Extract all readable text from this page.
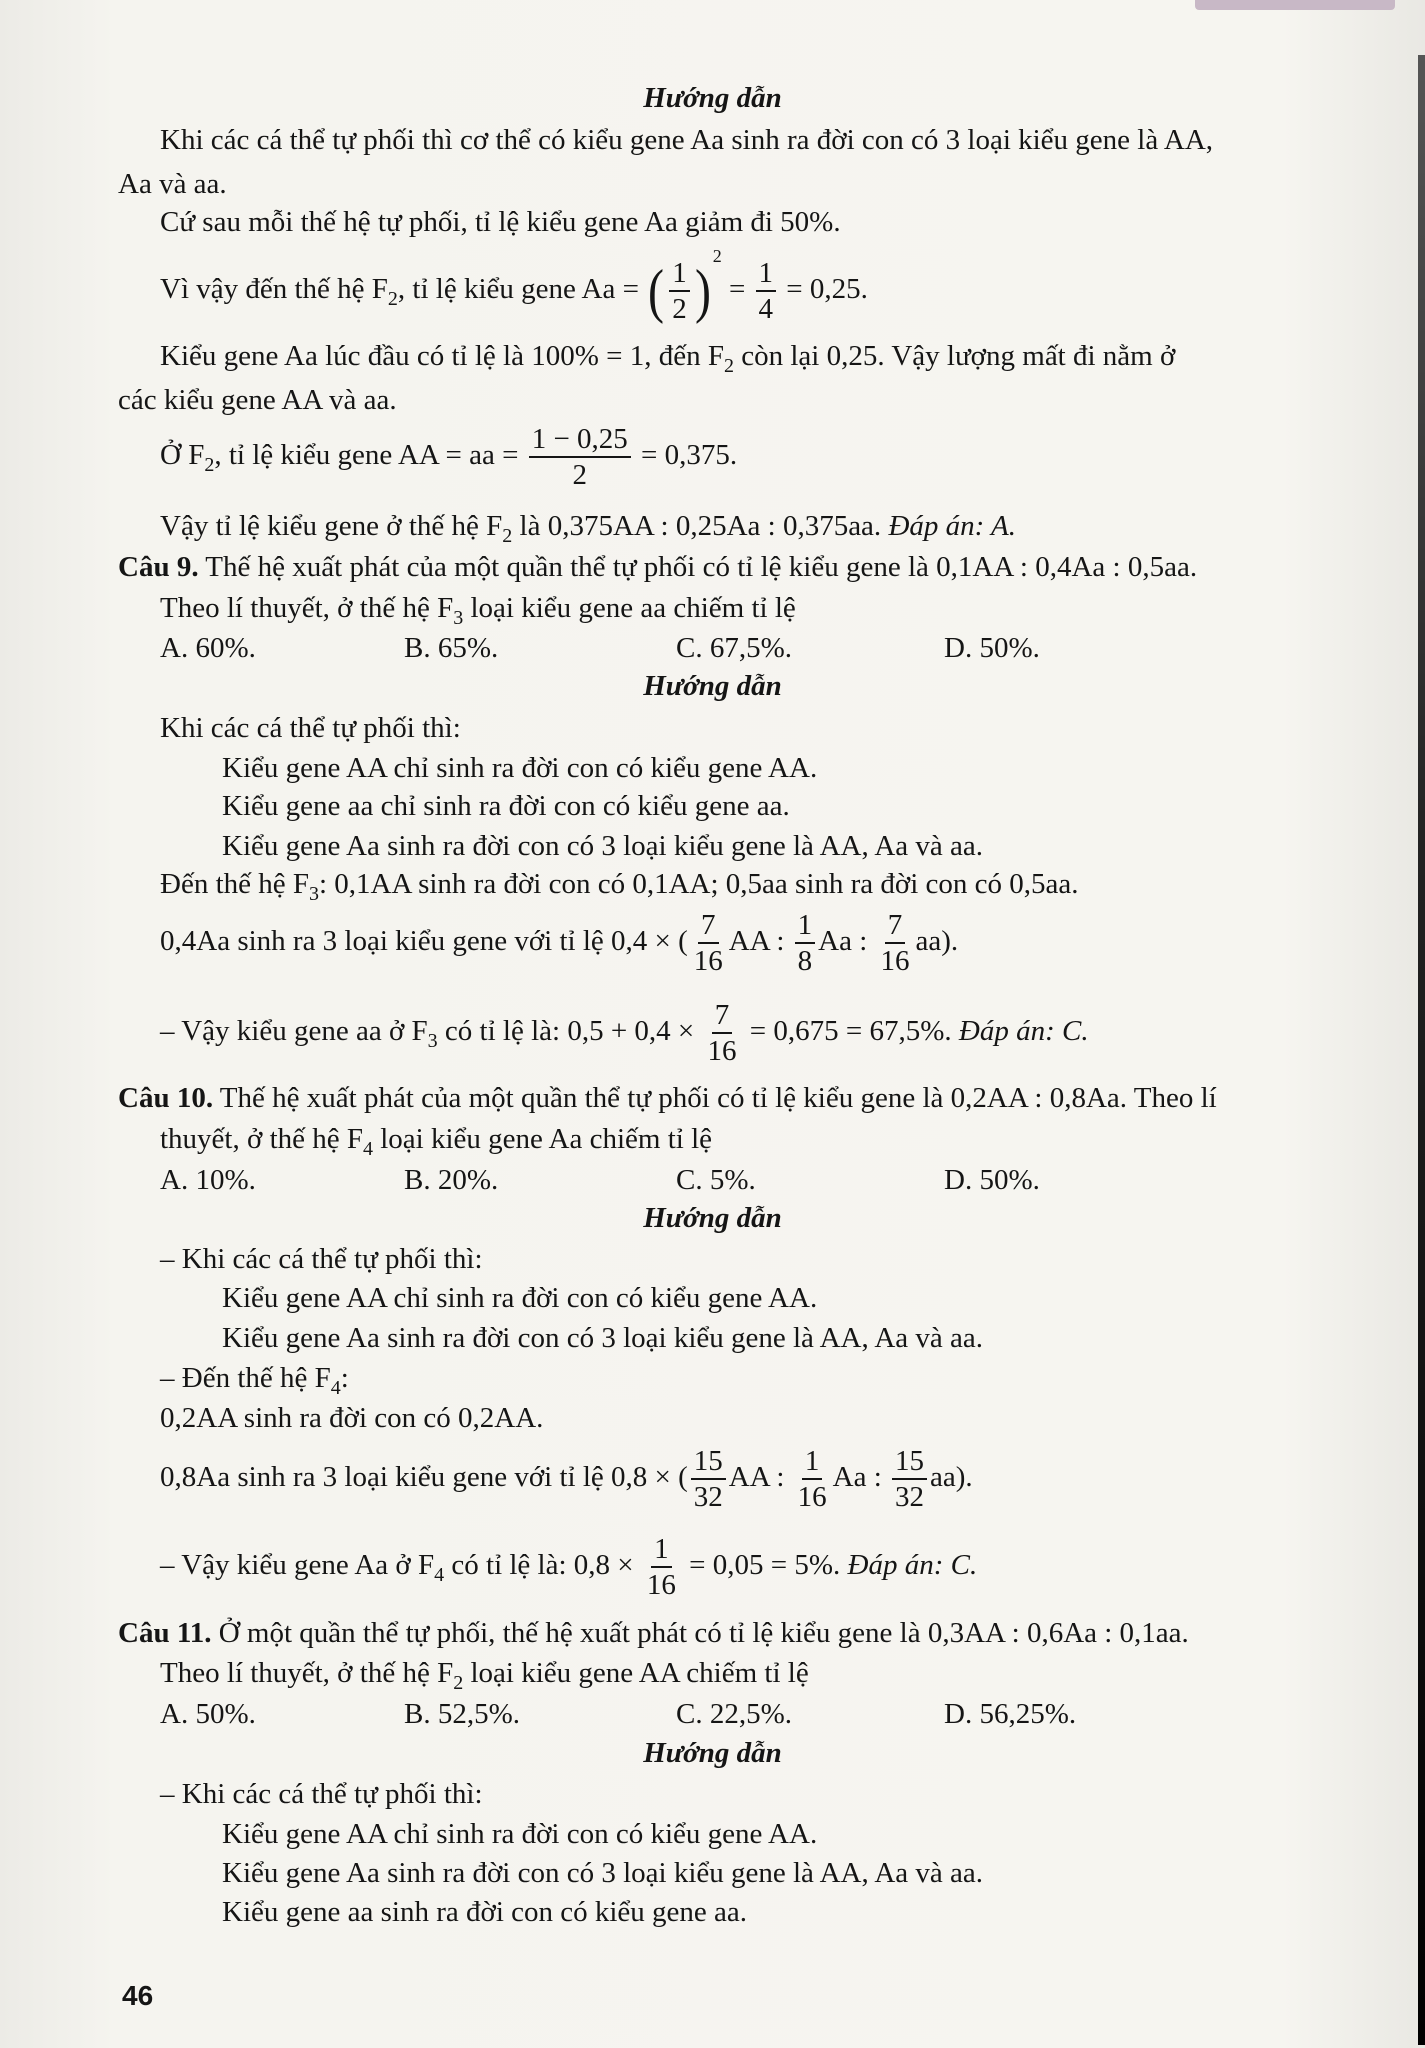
Hướng dẫn
Khi các cá thể tự phối thì cơ thể có kiểu gene Aa sinh ra đời con có 3 loại kiểu gene là AA,
Aa và aa.
Cứ sau mỗi thế hệ tự phối, tỉ lệ kiểu gene Aa giảm đi 50%.
Vì vậy đến thế hệ $F_2$, tỉ lệ kiểu gene Aa = ( $\frac{1}{2} )^2 = \frac{1}{4} = 0,25$.
Kiểu gene Aa lúc đầu có tỉ lệ là 100% = 1, đến $F_2$ còn lại 0,25. Vậy lượng mất đi nằm ở
các kiểu gene AA và aa.
Ở $F_2$, tỉ lệ kiểu gene AA = aa = $\frac{1 - 0,25}{2} = 0,375$.
Vậy tỉ lệ kiểu gene ở thế hệ $F_2$ là 0,375AA : 0,25Aa : 0,375aa. Đáp án: A.
Câu 9. Thế hệ xuất phát của một quần thể tự phối có tỉ lệ kiểu gene là 0,1AA : 0,4Aa : 0,5aa.
Theo lí thuyết, ở thế hệ $F_3$ loại kiểu gene aa chiếm tỉ lệ
A. 60%.	B. 65%.	C. 67,5%.	D. 50%.
Hướng dẫn
Khi các cá thể tự phối thì:
Kiểu gene AA chỉ sinh ra đời con có kiểu gene AA.
Kiểu gene aa chỉ sinh ra đời con có kiểu gene aa.
Kiểu gene Aa sinh ra đời con có 3 loại kiểu gene là AA, Aa và aa.
Đến thế hệ $F_3$: 0,1AA sinh ra đời con có 0,1AA; 0,5aa sinh ra đời con có 0,5aa.
0,4Aa sinh ra 3 loại kiểu gene với tỉ lệ 0,4 × ( $\frac{7}{16}$ AA : $\frac{1}{8}$ Aa : $\frac{7}{16} aa$).
– Vậy kiểu gene aa ở $F_3$ có tỉ lệ là: $0,5 + 0,4 \times \frac{7}{16} = 0,675 = 67,5\%$. Đáp án: C.
Câu 10. Thế hệ xuất phát của một quần thể tự phối có tỉ lệ kiểu gene là 0,2AA : 0,8Aa. Theo lí
thuyết, ở thế hệ $F_4$ loại kiểu gene Aa chiếm tỉ lệ
A. 10%.	B. 20%.	C. 5%.	D. 50%.
Hướng dẫn
– Khi các cá thể tự phối thì:
Kiểu gene AA chỉ sinh ra đời con có kiểu gene AA.
Kiểu gene Aa sinh ra đời con có 3 loại kiểu gene là AA, Aa và aa.
– Đến thế hệ $F_4$:
0,2AA sinh ra đời con có 0,2AA.
0,8Aa sinh ra 3 loại kiểu gene với tỉ lệ 0,8 × ( $\frac{15}{32}$ AA : $\frac{1}{16}$ Aa : $\frac{15}{32} aa$).
– Vậy kiểu gene Aa ở $F_4$ có tỉ lệ là: $0,8 \times \frac{1}{16} = 0,05 = 5\%$. Đáp án: C.
Câu 11. Ở một quần thể tự phối, thế hệ xuất phát có tỉ lệ kiểu gene là 0,3AA : 0,6Aa : 0,1aa.
Theo lí thuyết, ở thế hệ $F_2$ loại kiểu gene AA chiếm tỉ lệ
A. 50%.	B. 52,5%.	C. 22,5%.	D. 56,25%.
Hướng dẫn
– Khi các cá thể tự phối thì:
Kiểu gene AA chỉ sinh ra đời con có kiểu gene AA.
Kiểu gene Aa sinh ra đời con có 3 loại kiểu gene là AA, Aa và aa.
Kiểu gene aa sinh ra đời con có kiểu gene aa.
46
